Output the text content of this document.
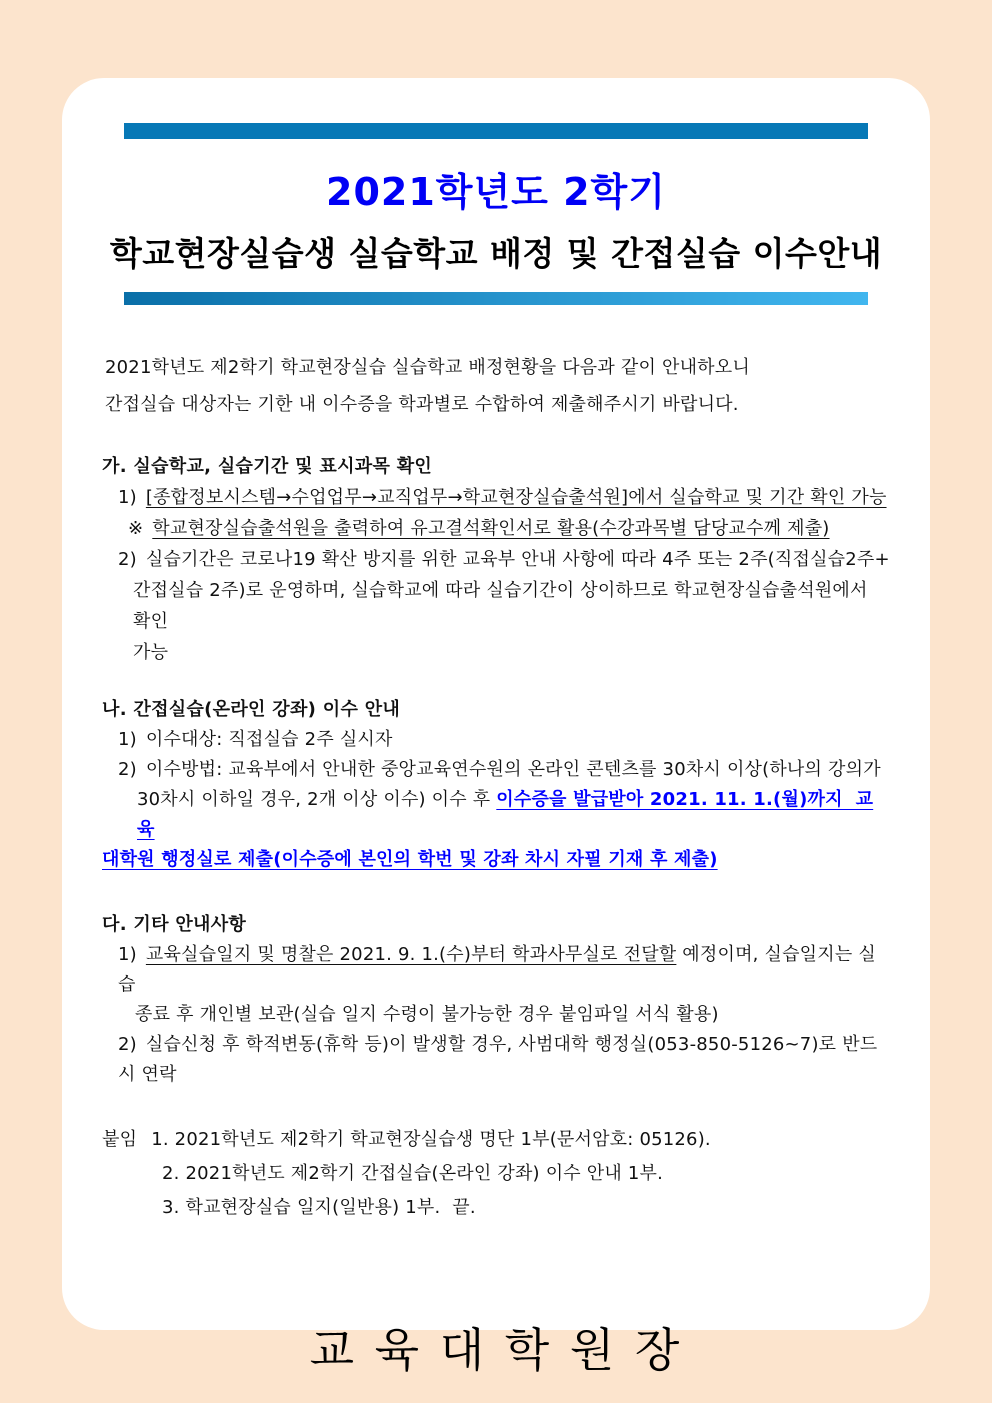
2021학년도 2학기
학교현장실습생 실습학교 배정 및 간접실습 이수안내
2021학년도 제2학기 학교현장실습 실습학교 배정현황을 다음과 같이 안내하오니
간접실습 대상자는 기한 내 이수증을 학과별로 수합하여 제출해주시기 바랍니다.
가. 실습학교, 실습기간 및 표시과목 확인
1) [종합정보시스템→수업업무→교직업무→학교현장실습출석원]에서 실습학교 및 기간 확인 가능
※ 학교현장실습출석원을 출력하여 유고결석확인서로 활용(수강과목별 담당교수께 제출)
2) 실습기간은 코로나19 확산 방지를 위한 교육부 안내 사항에 따라 4주 또는 2주(직접실습2주+
간접실습 2주)로 운영하며, 실습학교에 따라 실습기간이 상이하므로 학교현장실습출석원에서 확인
가능
나. 간접실습(온라인 강좌) 이수 안내
1) 이수대상: 직접실습 2주 실시자
2) 이수방법: 교육부에서 안내한 중앙교육연수원의 온라인 콘텐츠를 30차시 이상(하나의 강의가
30차시 이하일 경우, 2개 이상 이수) 이수 후 이수증을 발급받아 2021. 11. 1.(월)까지  교육
대학원 행정실로 제출(이수증에 본인의 학번 및 강좌 차시 자필 기재 후 제출)
다. 기타 안내사항
1) 교육실습일지 및 명찰은 2021. 9. 1.(수)부터 학과사무실로 전달할 예정이며, 실습일지는 실습
종료 후 개인별 보관(실습 일지 수령이 불가능한 경우 붙임파일 서식 활용)
2) 실습신청 후 학적변동(휴학 등)이 발생할 경우, 사범대학 행정실(053-850-5126~7)로 반드시 연락
붙임 1. 2021학년도 제2학기 학교현장실습생 명단 1부(문서암호: 05126).
2. 2021학년도 제2학기 간접실습(온라인 강좌) 이수 안내 1부.
3. 학교현장실습 일지(일반용) 1부.  끝.
교 육 대 학 원 장
